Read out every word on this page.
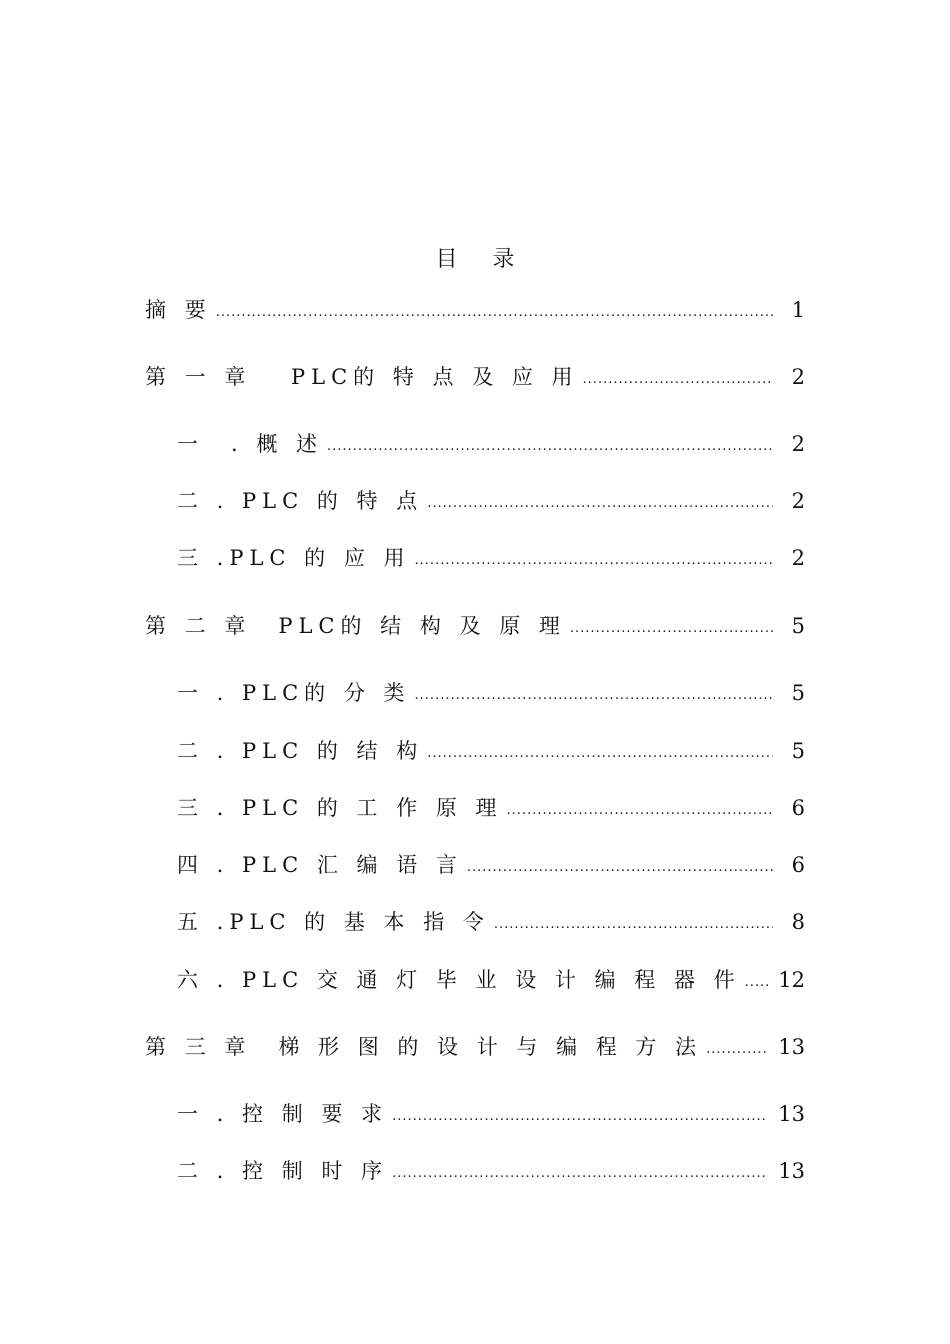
目 录
摘 要 .....	1
第 一 章　 PLC的 特 点 及 应 用 .....	2
一　. 概 述 .....	2
二 . PLC 的 特 点 .....	2
三 .PLC 的 应 用 .....	2
第 二 章　PLC的 结 构 及 原 理 .....	5
一 . PLC的 分 类 .....	5
二 . PLC 的 结 构 .....	5
三 . PLC 的 工 作 原 理 .....	6
四 . PLC 汇 编 语 言 .....	6
五 .PLC 的 基 本 指 令 .....	8
六 . PLC 交 通 灯 毕 业 设 计 编 程 器 件 ..... 12
第 三 章　梯 形 图 的 设 计 与 编 程 方 法 .....	13
一 . 控 制 要 求 .....	13
二 . 控 制 时 序 .....	13
